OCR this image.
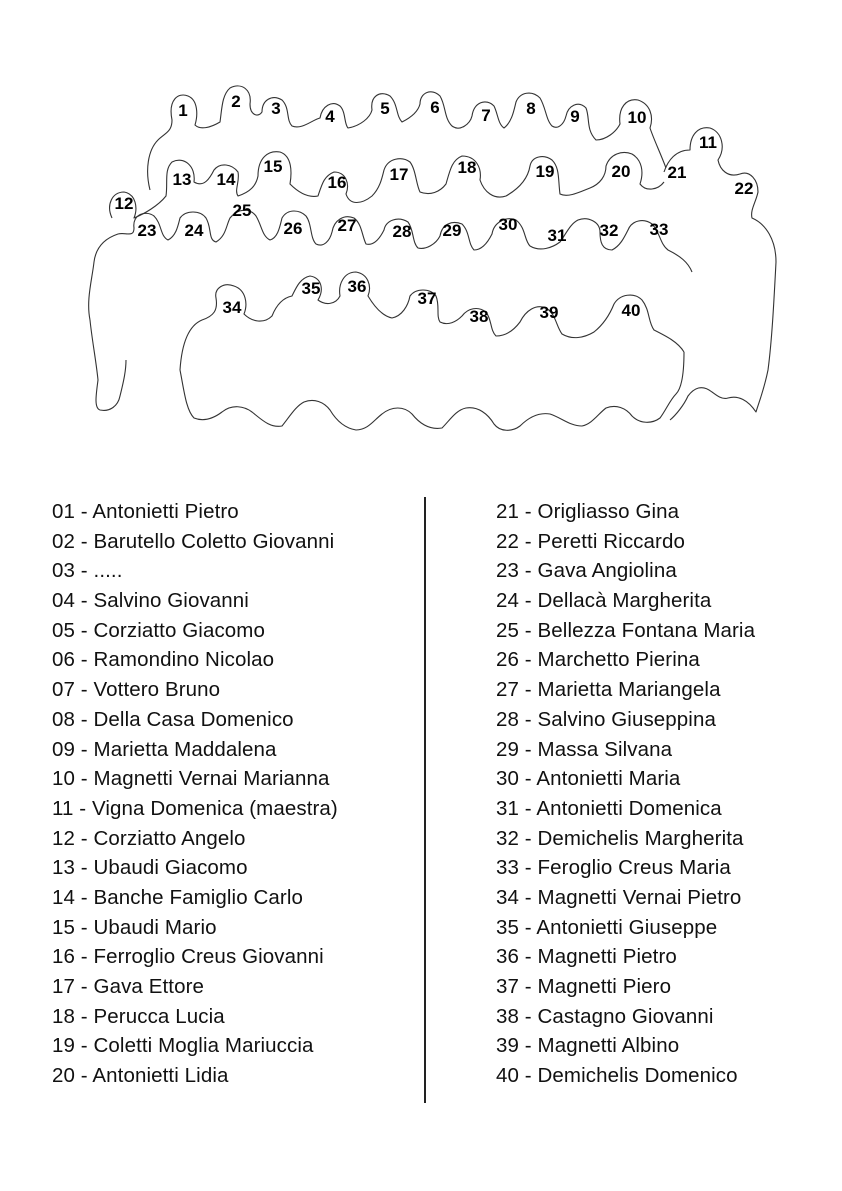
1	2 3	4	5 6 7 8 9	10
11
12
13 14
15
16	17	18	19	20 21
22
23 24
25
26 27 28 29 30
31 32 33
34
35 36
37
38	39	40
01 - Antonietti Pietro
02 - Barutello Coletto Giovanni
03 - .....
04 - Salvino Giovanni
05 - Corziatto Giacomo
06 - Ramondino Nicolao
07 - Vottero Bruno
08 - Della Casa Domenico
09 - Marietta Maddalena
10 - Magnetti Vernai Marianna
11 - Vigna Domenica (maestra)
12 - Corziatto Angelo
13 - Ubaudi Giacomo
14 - Banche Famiglio Carlo
15 - Ubaudi Mario
16 - Ferroglio Creus Giovanni
17 - Gava Ettore
18 - Perucca Lucia
19 - Coletti Moglia Mariuccia
20 - Antonietti Lidia
21 - Origliasso Gina
22 - Peretti Riccardo
23 - Gava Angiolina
24 - Dellacà Margherita
25 - Bellezza Fontana Maria
26 - Marchetto Pierina
27 - Marietta Mariangela
28 - Salvino Giuseppina
29 - Massa Silvana
30 - Antonietti Maria
31 - Antonietti Domenica
32 - Demichelis Margherita
33 - Feroglio Creus Maria
34 - Magnetti Vernai Pietro
35 - Antonietti Giuseppe
36 - Magnetti Pietro
37 - Magnetti Piero
38 - Castagno Giovanni
39 - Magnetti Albino
40 - Demichelis Domenico
